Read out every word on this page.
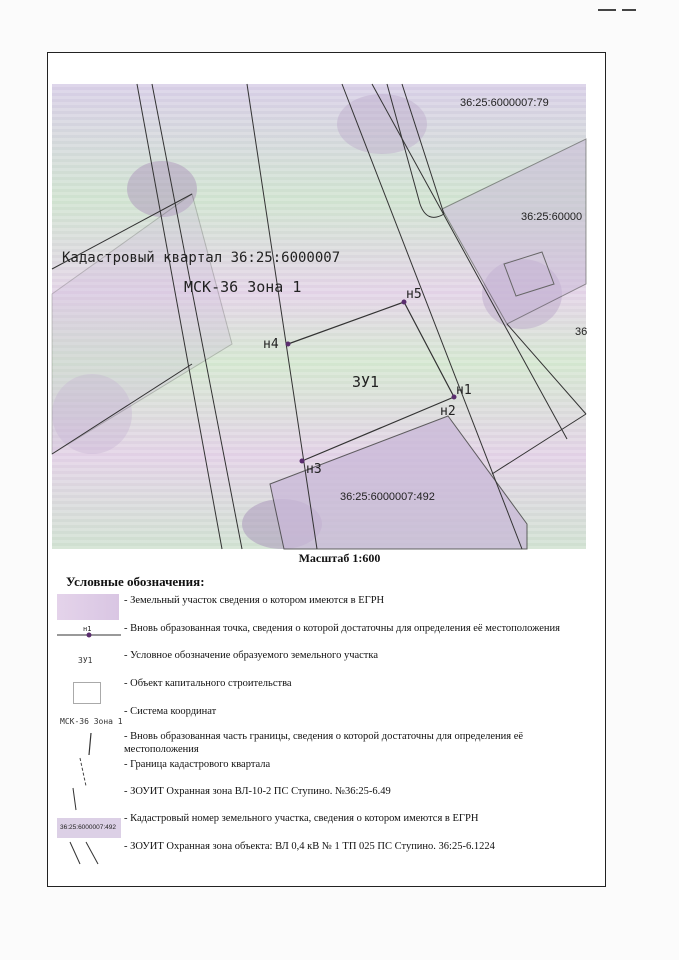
Кадастровый квартал 36:25:6000007
МСК-36 Зона 1
ЗУ1	н1
н2
н3
н4
н5
36:25:6000007:79
36:25:60000
36
36:25:6000007:492
Масштаб 1:600
Условные обозначения:
н1
ЗУ1
МСК-36 Зона 1
36:25:6000007:492
- Земельный участок сведения о котором имеются в ЕГРН
- Вновь образованная точка, сведения о которой достаточны для определения её местоположения
- Условное обозначение образуемого земельного участка
- Объект капитального строительства
- Система координат
- Вновь образованная часть границы, сведения о которой достаточны для определения её местоположения
- Граница кадастрового квартала
- ЗОУИТ Охранная зона ВЛ-10-2 ПС Ступино. №36:25-6.49
- Кадастровый номер земельного участка, сведения о котором имеются в ЕГРН
- ЗОУИТ Охранная зона объекта: ВЛ 0,4 кВ № 1 ТП 025 ПС Ступино. 36:25-6.1224
